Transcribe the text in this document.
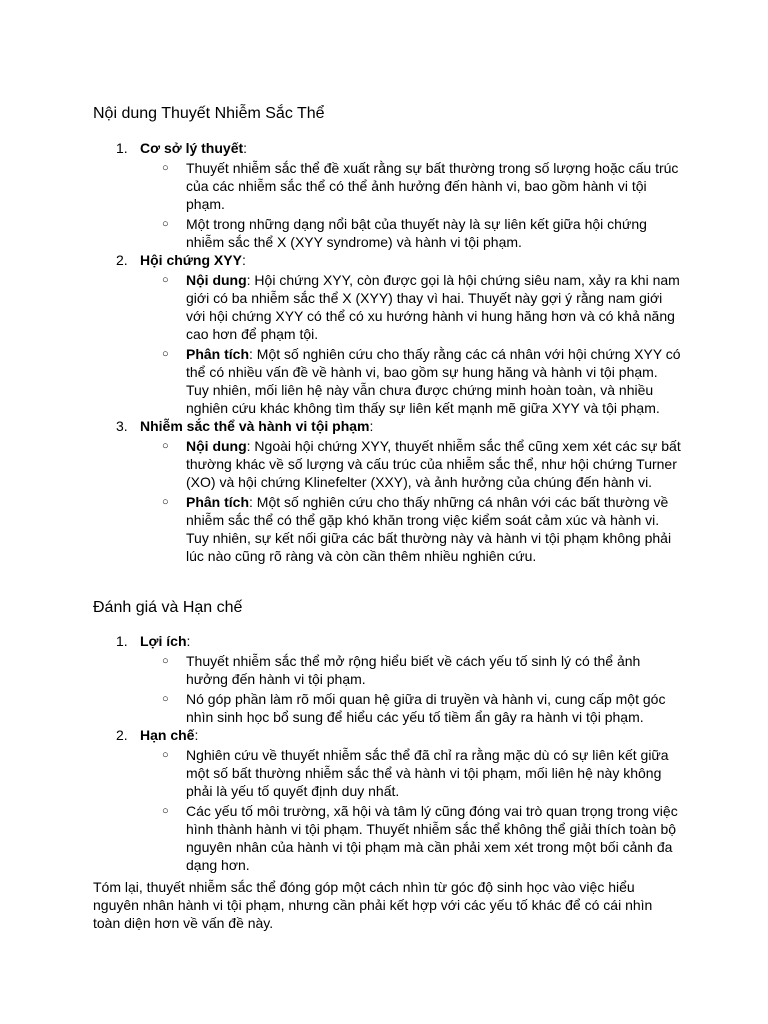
Nội dung Thuyết Nhiễm Sắc Thể
1. Cơ sở lý thuyết :
○ Thuyết nhiễm sắc thể đề xuất rằng sự bất thường trong số lượng hoặc cấu trúc của các nhiễm sắc thể có thể ảnh hưởng đến hành vi, bao gồm hành vi tội phạm.
○ Một trong những dạng nổi bật của thuyết này là sự liên kết giữa hội chứng nhiễm sắc thể X (XYY syndrome) và hành vi tội phạm.
2. Hội chứng XYY :
○ Nội dung: Hội chứng XYY, còn được gọi là hội chứng siêu nam, xảy ra khi nam giới có ba nhiễm sắc thể X (XYY) thay vì hai. Thuyết này gợi ý rằng nam giới với hội chứng XYY có thể có xu hướng hành vi hung hăng hơn và có khả năng cao hơn để phạm tội.
○ Phân tích: Một số nghiên cứu cho thấy rằng các cá nhân với hội chứng XYY có thể có nhiều vấn đề về hành vi, bao gồm sự hung hăng và hành vi tội phạm. Tuy nhiên, mối liên hệ này vẫn chưa được chứng minh hoàn toàn, và nhiều nghiên cứu khác không tìm thấy sự liên kết mạnh mẽ giữa XYY và tội phạm.
3. Nhiễm sắc thể và hành vi tội phạm :
○ Nội dung: Ngoài hội chứng XYY, thuyết nhiễm sắc thể cũng xem xét các sự bất thường khác về số lượng và cấu trúc của nhiễm sắc thể, như hội chứng Turner (XO) và hội chứng Klinefelter (XXY), và ảnh hưởng của chúng đến hành vi.
○ Phân tích: Một số nghiên cứu cho thấy những cá nhân với các bất thường về nhiễm sắc thể có thể gặp khó khăn trong việc kiểm soát cảm xúc và hành vi. Tuy nhiên, sự kết nối giữa các bất thường này và hành vi tội phạm không phải lúc nào cũng rõ ràng và còn cần thêm nhiều nghiên cứu.
Đánh giá và Hạn chế
1. Lợi ích :
○ Thuyết nhiễm sắc thể mở rộng hiểu biết về cách yếu tố sinh lý có thể ảnh hưởng đến hành vi tội phạm.
○ Nó góp phần làm rõ mối quan hệ giữa di truyền và hành vi, cung cấp một góc nhìn sinh học bổ sung để hiểu các yếu tố tiềm ẩn gây ra hành vi tội phạm.
2. Hạn chế :
○ Nghiên cứu về thuyết nhiễm sắc thể đã chỉ ra rằng mặc dù có sự liên kết giữa một số bất thường nhiễm sắc thể và hành vi tội phạm, mối liên hệ này không phải là yếu tố quyết định duy nhất.
○ Các yếu tố môi trường, xã hội và tâm lý cũng đóng vai trò quan trọng trong việc hình thành hành vi tội phạm. Thuyết nhiễm sắc thể không thể giải thích toàn bộ nguyên nhân của hành vi tội phạm mà cần phải xem xét trong một bối cảnh đa dạng hơn.

Tóm lại, thuyết nhiễm sắc thể đóng góp một cách nhìn từ góc độ sinh học vào việc hiểu nguyên nhân hành vi tội phạm, nhưng cần phải kết hợp với các yếu tố khác để có cái nhìn toàn diện hơn về vấn đề này.
